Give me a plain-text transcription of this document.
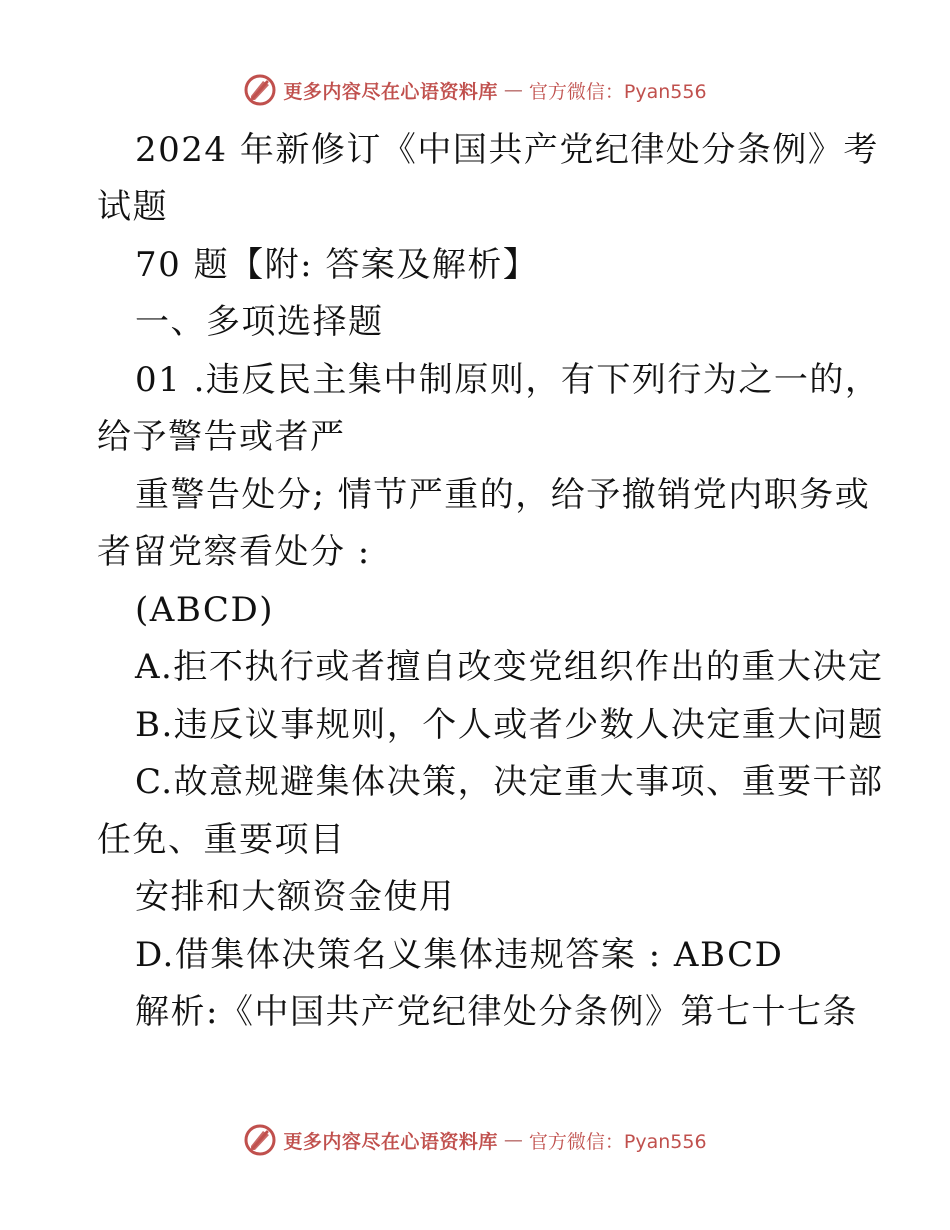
更多内容尽在心语资料库 — 官方微信：Pyan556
2024 年新修订《中国共产党纪律处分条例》考
试题
70 题【附: 答案及解析】
一、多项选择题
01 .违反民主集中制原则，有下列行为之一的，
给予警告或者严
重警告处分; 情节严重的，给予撤销党内职务或
者留党察看处分 :
(ABCD)
A.拒不执行或者擅自改变党组织作出的重大决定
B.违反议事规则，个人或者少数人决定重大问题
C.故意规避集体决策，决定重大事项、重要干部
任免、重要项目
安排和大额资金使用
D.借集体决策名义集体违规答案 : ABCD
解析:《中国共产党纪律处分条例》第七十七条
更多内容尽在心语资料库 — 官方微信：Pyan556
